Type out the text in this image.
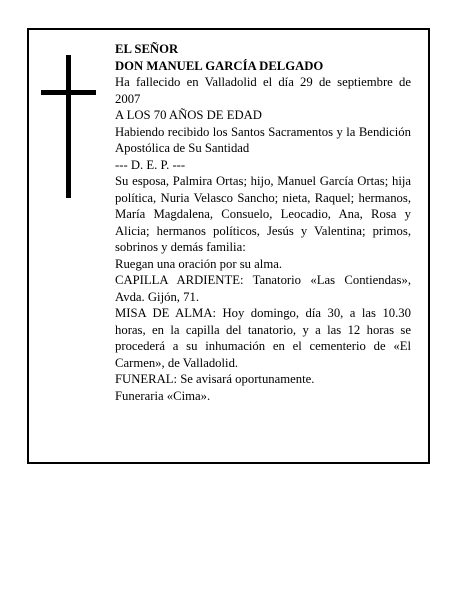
EL SEÑOR

DON MANUEL GARCÍA DELGADO

Ha fallecido en Valladolid el día 29 de septiembre de 2007

A LOS 70 AÑOS DE EDAD

Habiendo recibido los Santos Sacramentos y la Bendición Apostólica de Su Santidad

--- D. E. P. ---

Su esposa, Palmira Ortas; hijo, Manuel García Ortas; hija política, Nuria Velasco Sancho; nieta, Raquel; hermanos, María Magdalena, Consuelo, Leocadio, Ana, Rosa y Alicia; hermanos políticos, Jesús y Valentina; primos, sobrinos y demás familia:

Ruegan una oración por su alma.

CAPILLA ARDIENTE: Tanatorio «Las Contiendas», Avda. Gijón, 71.

MISA DE ALMA: Hoy domingo, día 30, a las 10.30 horas, en la capilla del tanatorio, y a las 12 horas se procederá a su inhumación en el cementerio de «El Carmen», de Valladolid.

FUNERAL: Se avisará oportunamente.

Funeraria «Cima».
